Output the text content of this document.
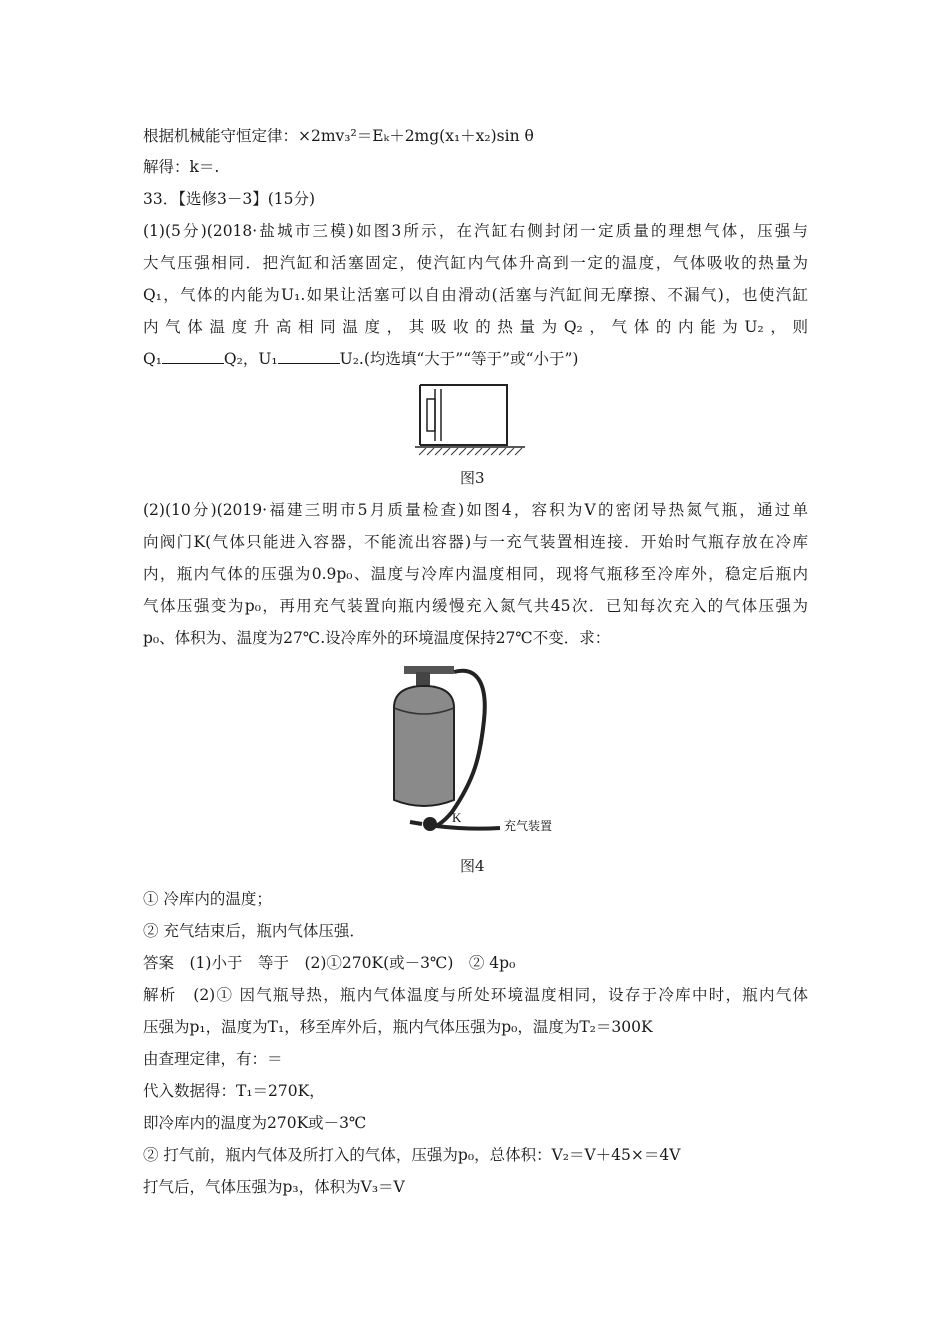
根据机械能守恒定律：×2mv₃²＝Eₖ＋2mg(x₁＋x₂)sin θ
解得：k＝.
33．【选修3－3】(15分)
(1)(5分)(2018·盐城市三模)如图3所示，在汽缸右侧封闭一定质量的理想气体，压强与
大气压强相同．把汽缸和活塞固定，使汽缸内气体升高到一定的温度，气体吸收的热量为
Q₁，气体的内能为U₁.如果让活塞可以自由滑动(活塞与汽缸间无摩擦、不漏气)，也使汽缸
内气体温度升高相同温度，其吸收的热量为Q₂，气体的内能为U₂，则
Q₁	Q₂，U₁	U₂.(均选填“大于”“等于”或“小于”)
图3
(2)(10分)(2019·福建三明市5月质量检查)如图4，容积为V的密闭导热氮气瓶，通过单
向阀门K(气体只能进入容器，不能流出容器)与一充气装置相连接．开始时气瓶存放在冷库
内，瓶内气体的压强为0.9p₀、温度与冷库内温度相同，现将气瓶移至冷库外，稳定后瓶内
气体压强变为p₀，再用充气装置向瓶内缓慢充入氮气共45次．已知每次充入的气体压强为
p₀、体积为、温度为27℃.设冷库外的环境温度保持27℃不变．求：
K
充气装置
图4
① 冷库内的温度；
② 充气结束后，瓶内气体压强．
答案　(1)小于　等于　(2)①270K(或－3℃)　② 4p₀
解析　(2)① 因气瓶导热，瓶内气体温度与所处环境温度相同，设存于冷库中时，瓶内气体
压强为p₁，温度为T₁，移至库外后，瓶内气体压强为p₀，温度为T₂＝300K
由查理定律，有：＝
代入数据得：T₁＝270K，
即冷库内的温度为270K或－3℃
② 打气前，瓶内气体及所打入的气体，压强为p₀，总体积：V₂＝V＋45×＝4V
打气后，气体压强为p₃，体积为V₃＝V
